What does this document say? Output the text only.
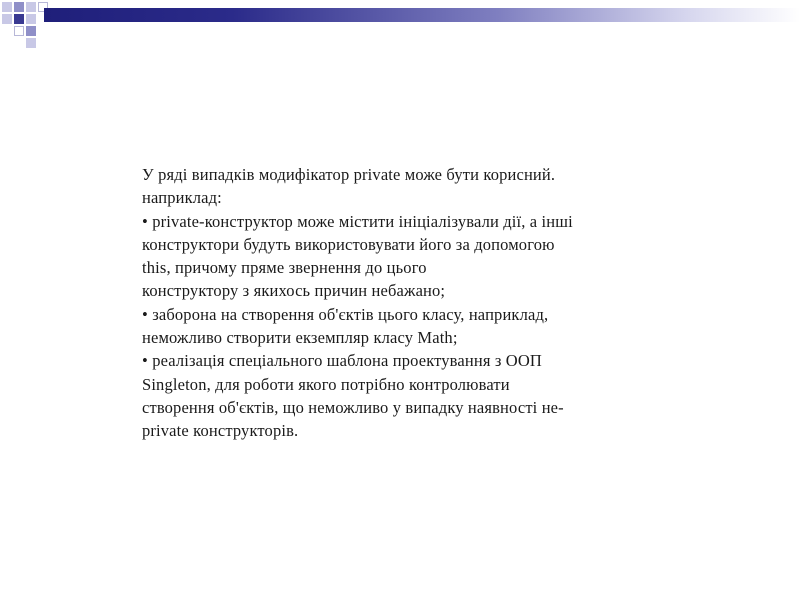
У ряді випадків модифікатор private може бути корисний.
наприклад:
• private-конструктор може містити ініціалізували дії, а інші
конструктори будуть використовувати його за допомогою
this, причому пряме звернення до цього
конструктору з якихось причин небажано;
• заборона на створення об'єктів цього класу, наприклад,
неможливо створити екземпляр класу Math;
• реалізація спеціального шаблона проектування з ООП
Singleton, для роботи якого потрібно контролювати
створення об'єктів, що неможливо у випадку наявності не-
private конструкторів.
